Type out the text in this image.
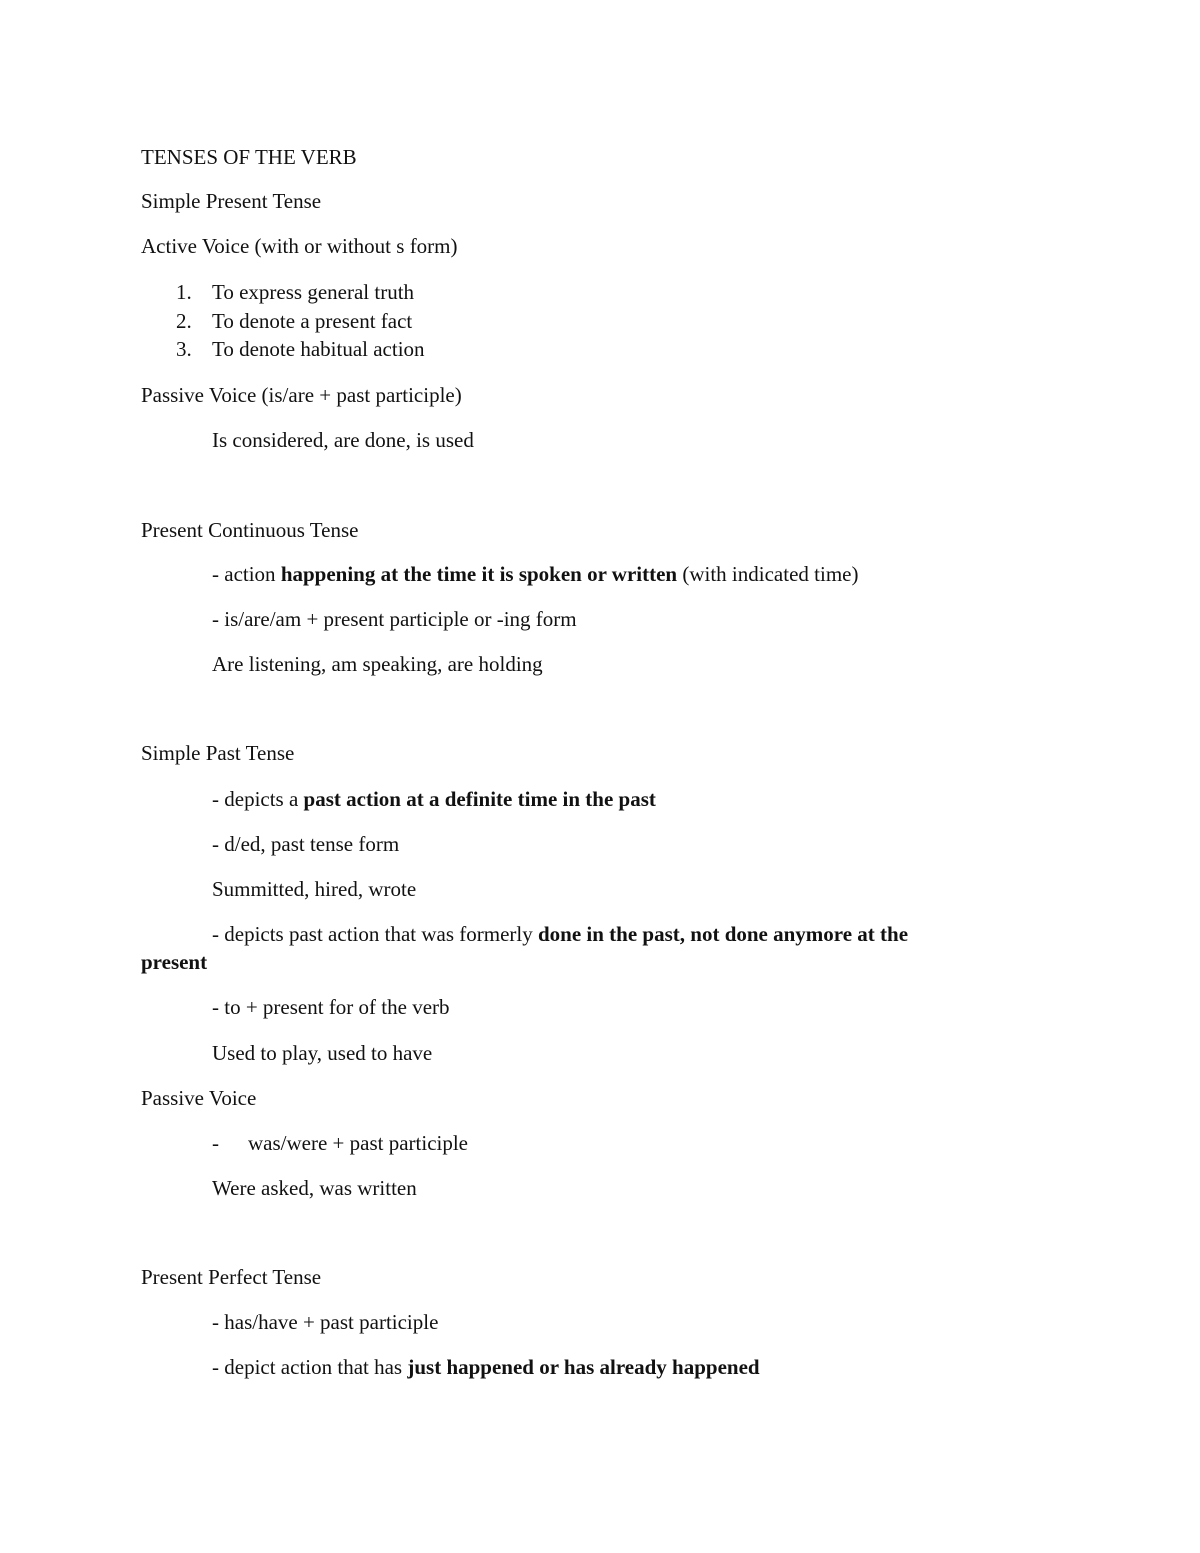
TENSES OF THE VERB
Simple Present Tense
Active Voice (with or without s form)
1. To express general truth
2. To denote a present fact
3. To denote habitual action
Passive Voice (is/are + past participle)
Is considered, are done, is used
Present Continuous Tense
- action happening at the time it is spoken or written (with indicated time)
- is/are/am + present participle or -ing form
Are listening, am speaking, are holding
Simple Past Tense
- depicts a past action at a definite time in the past
- d/ed, past tense form
Summitted, hired, wrote
- depicts past action that was formerly done in the past, not done anymore at the
present
- to + present for of the verb
Used to play, used to have
Passive Voice
- was/were + past participle
Were asked, was written
Present Perfect Tense
- has/have + past participle
- depict action that has just happened or has already happened
